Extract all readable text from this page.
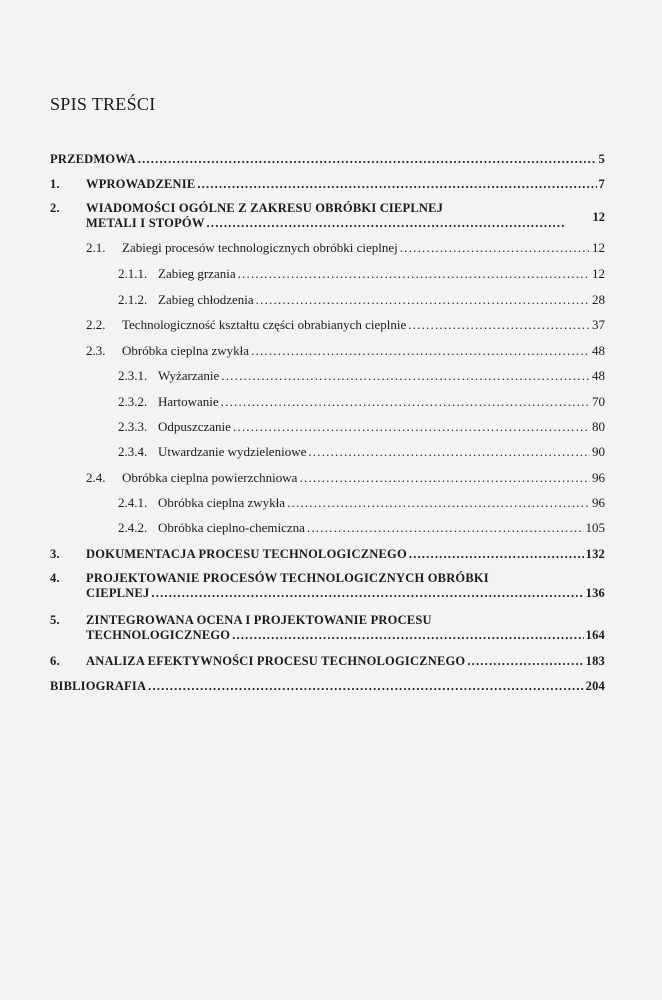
SPIS TREŚCI
PRZEDMOWA .....	5
1.	WPROWADZENIE .....	7
2. WIADOMOŚCI OGÓLNE Z ZAKRESU OBRÓBKI CIEPLNEJ
METALI I STOPÓW .....	12
2.1.	Zabiegi procesów technologicznych obróbki cieplnej .....	12
2.1.1. Zabieg grzania .....	12
2.1.2. Zabieg chłodzenia .....	28
2.2.	Technologiczność kształtu części obrabianych cieplnie .....	37
2.3.	Obróbka cieplna zwykła .....	48
2.3.1. Wyżarzanie .....	48
2.3.2. Hartowanie .....	70
2.3.3. Odpuszczanie .....	80
2.3.4. Utwardzanie wydzieleniowe .....	90
2.4.	Obróbka cieplna powierzchniowa .....	96
2.4.1. Obróbka cieplna zwykła .....	96
2.4.2. Obróbka cieplno-chemiczna .....	105
3.	DOKUMENTACJA PROCESU TECHNOLOGICZNEGO .....	132
4. PROJEKTOWANIE PROCESÓW TECHNOLOGICZNYCH OBRÓBKI
CIEPLNEJ .....	136
5. ZINTEGROWANA OCENA I PROJEKTOWANIE PROCESU
TECHNOLOGICZNEGO .....	164
6.	ANALIZA EFEKTYWNOŚCI PROCESU TECHNOLOGICZNEGO .....	183
BIBLIOGRAFIA .....	204
